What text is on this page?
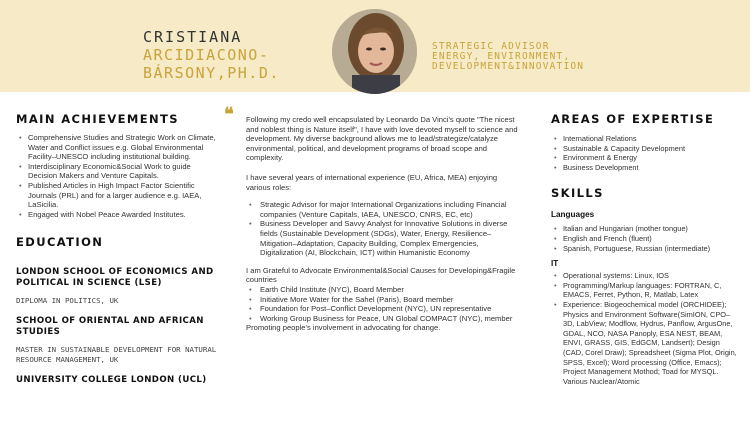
CRISTIANA
ARCIDIACONO-
BÁRSONY,PH.D.
STRATEGIC ADVISOR
ENERGY, ENVIRONMENT,
DEVELOPMENT&INNOVATION
MAIN ACHIEVEMENTS
• Comprehensive Studies and Strategic Work on Climate, Water and Conflict issues e.g. Global Environmental Facility–UNESCO including institutional building.
• Interdisciplinary Economic&Social Work to guide Decision Makers and Venture Capitals.
• Published Articles in High Impact Factor Scientific Journals (PRL) and for a larger audience e.g. IAEA, LaSicilia.
• Engaged with Nobel Peace Awarded Institutes.
EDUCATION
LONDON SCHOOL OF ECONOMICS AND POLITICAL IN SCIENCE (LSE)
DIPLOMA IN POLITICS, UK
SCHOOL OF ORIENTAL AND AFRICAN STUDIES
MASTER IN SUSTAINABLE DEVELOPMENT FOR NATURAL RESOURCE MANAGEMENT, UK
UNIVERSITY COLLEGE LONDON (UCL)
❝ Following my credo well encapsulated by Leonardo Da Vinci's quote "The nicest and noblest thing is Nature itself", I have with love devoted myself to science and development. My diverse background allows me to lead/strategize/catalyze environmental, political, and development programs of broad scope and complexity.
I have several years of international experience (EU, Africa, MEA) enjoying various roles:
• Strategic Advisor for major International Organizations including Financial companies (Venture Capitals, IAEA, UNESCO, CNRS, EC, etc)
• Business Developer and Savvy Analyst for Innovative Solutions in diverse fields (Sustainable Development (SDGs), Water, Energy, Resilience–Mitigation–Adaptation, Capacity Building, Complex Emergencies, Digitalization (AI, Blockchain, ICT) within Humanistic Economy
I am Grateful to Advocate Environmental&Social Causes for Developing&Fragile countries
• Earth Child Institute (NYC), Board Member
• Initiative More Water for the Sahel (Paris), Board member
• Foundation for Post–Conflict Development (NYC), UN representative
• Working Group Business for Peace, UN Global COMPACT (NYC), member
Promoting people's involvement in advocating for change.
AREAS OF EXPERTISE
• International Relations
• Sustainable & Capacity Development
• Environment & Energy
• Business Development
SKILLS
Languages
• Italian and Hungarian (mother tongue)
• English and French (fluent)
• Spanish, Portuguese, Russian (intermediate)
IT
• Operational systems: Linux, IOS
• Programming/Markup languages: FORTRAN, C, EMACS, Ferret, Python, R, Matlab, Latex
• Experience: Biogeochemical model (ORCHIDEE); Physics and Environment Software(SimION, CPO–3D, LabView; Modflow, Hydrus, Panflow, ArgusOne, GDAL, NCO, NASA Panoply, ESA NEST, BEAM, ENVI, GRASS, GIS, EdGCM, Landsert); Design (CAD, Corel Draw); Spreadsheet (Sigma Plot, Origin, SPSS, Excel); Word processing (Office, Emacs); Project Management Mothod; Toad for MYSQL. Various Nuclear/Atomic
